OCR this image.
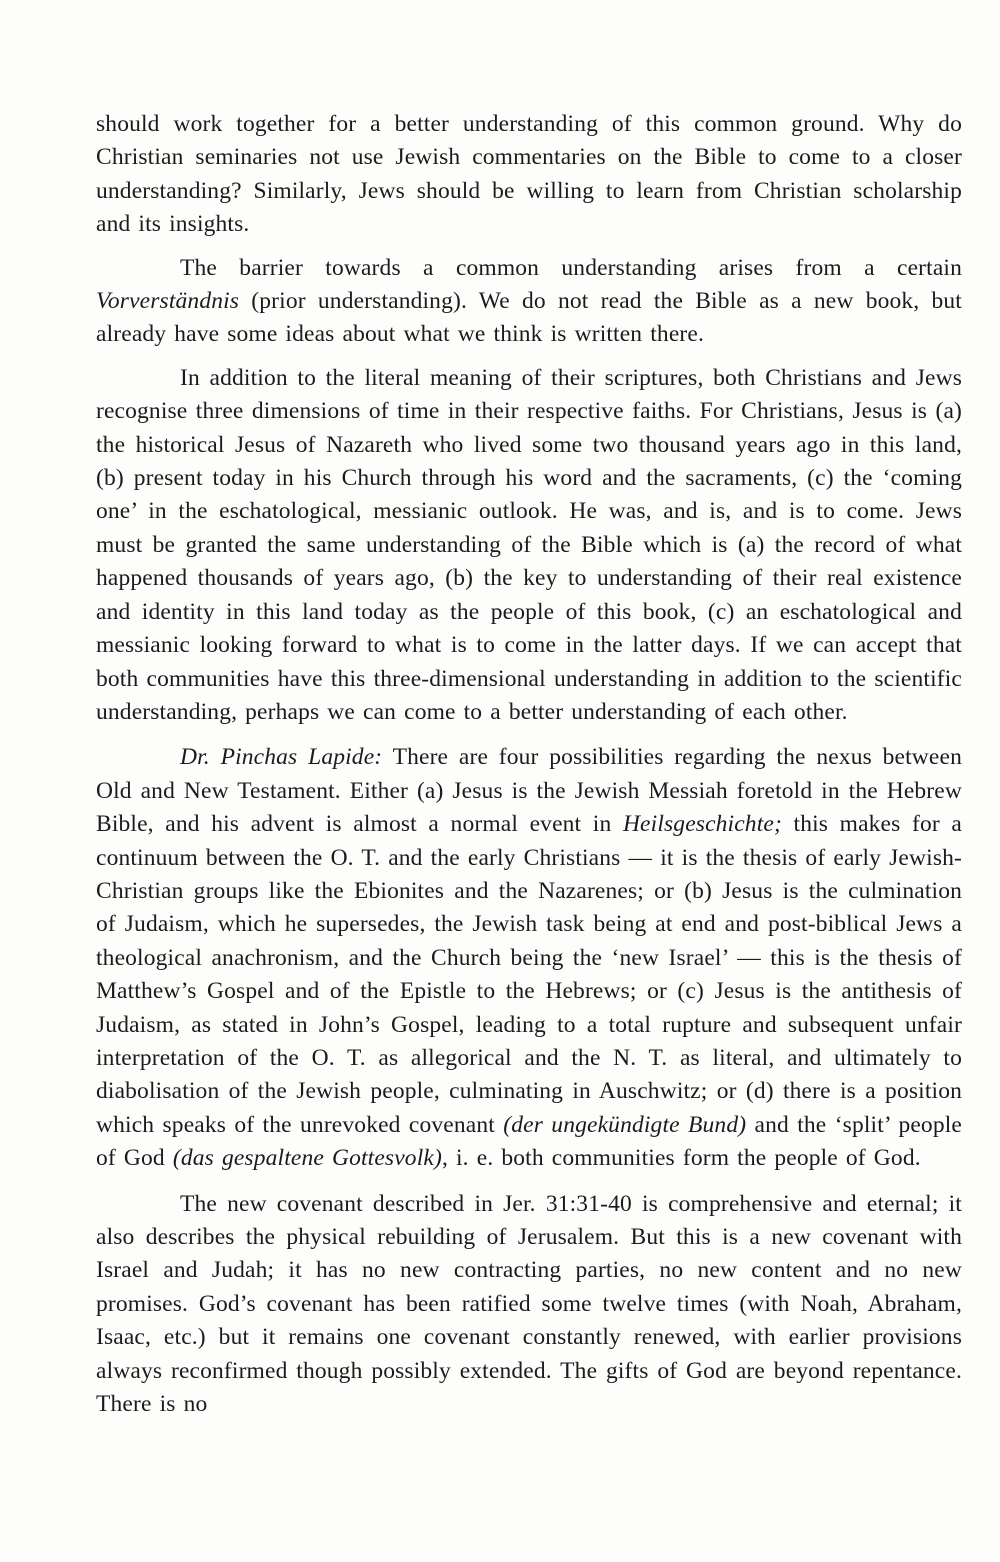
should work together for a better understanding of this common ground. Why do Christian seminaries not use Jewish commentaries on the Bible to come to a closer understanding? Similarly, Jews should be willing to learn from Christian scholarship and its insights.

The barrier towards a common understanding arises from a certain Vorverständnis (prior understanding). We do not read the Bible as a new book, but already have some ideas about what we think is written there.

In addition to the literal meaning of their scriptures, both Christians and Jews recognise three dimensions of time in their respective faiths. For Christians, Jesus is (a) the historical Jesus of Nazareth who lived some two thousand years ago in this land, (b) present today in his Church through his word and the sacraments, (c) the ‘coming one’ in the eschatological, messianic outlook. He was, and is, and is to come. Jews must be granted the same understanding of the Bible which is (a) the record of what happened thousands of years ago, (b) the key to understanding of their real existence and identity in this land today as the people of this book, (c) an eschatological and messianic looking forward to what is to come in the latter days. If we can accept that both communities have this three-dimensional understanding in addition to the scientific understanding, perhaps we can come to a better understanding of each other.

Dr. Pinchas Lapide: There are four possibilities regarding the nexus between Old and New Testament. Either (a) Jesus is the Jewish Messiah foretold in the Hebrew Bible, and his advent is almost a normal event in Heilsgeschichte; this makes for a continuum between the O. T. and the early Christians — it is the thesis of early Jewish-Christian groups like the Ebionites and the Nazarenes; or (b) Jesus is the culmination of Judaism, which he supersedes, the Jewish task being at end and post-biblical Jews a theological anachronism, and the Church being the ‘new Israel’ — this is the thesis of Matthew’s Gospel and of the Epistle to the Hebrews; or (c) Jesus is the antithesis of Judaism, as stated in John’s Gospel, leading to a total rupture and subsequent unfair interpretation of the O. T. as allegorical and the N. T. as literal, and ultimately to diabolisation of the Jewish people, culminating in Auschwitz; or (d) there is a position which speaks of the unrevoked covenant (der ungekündigte Bund) and the ‘split’ people of God (das gespaltene Gottesvolk), i. e. both communities form the people of God.

The new covenant described in Jer. 31:31-40 is comprehensive and eternal; it also describes the physical rebuilding of Jerusalem. But this is a new covenant with Israel and Judah; it has no new contracting parties, no new content and no new promises. God’s covenant has been ratified some twelve times (with Noah, Abraham, Isaac, etc.) but it remains one covenant constantly renewed, with earlier provisions always reconfirmed though possibly extended. The gifts of God are beyond repentance. There is no
